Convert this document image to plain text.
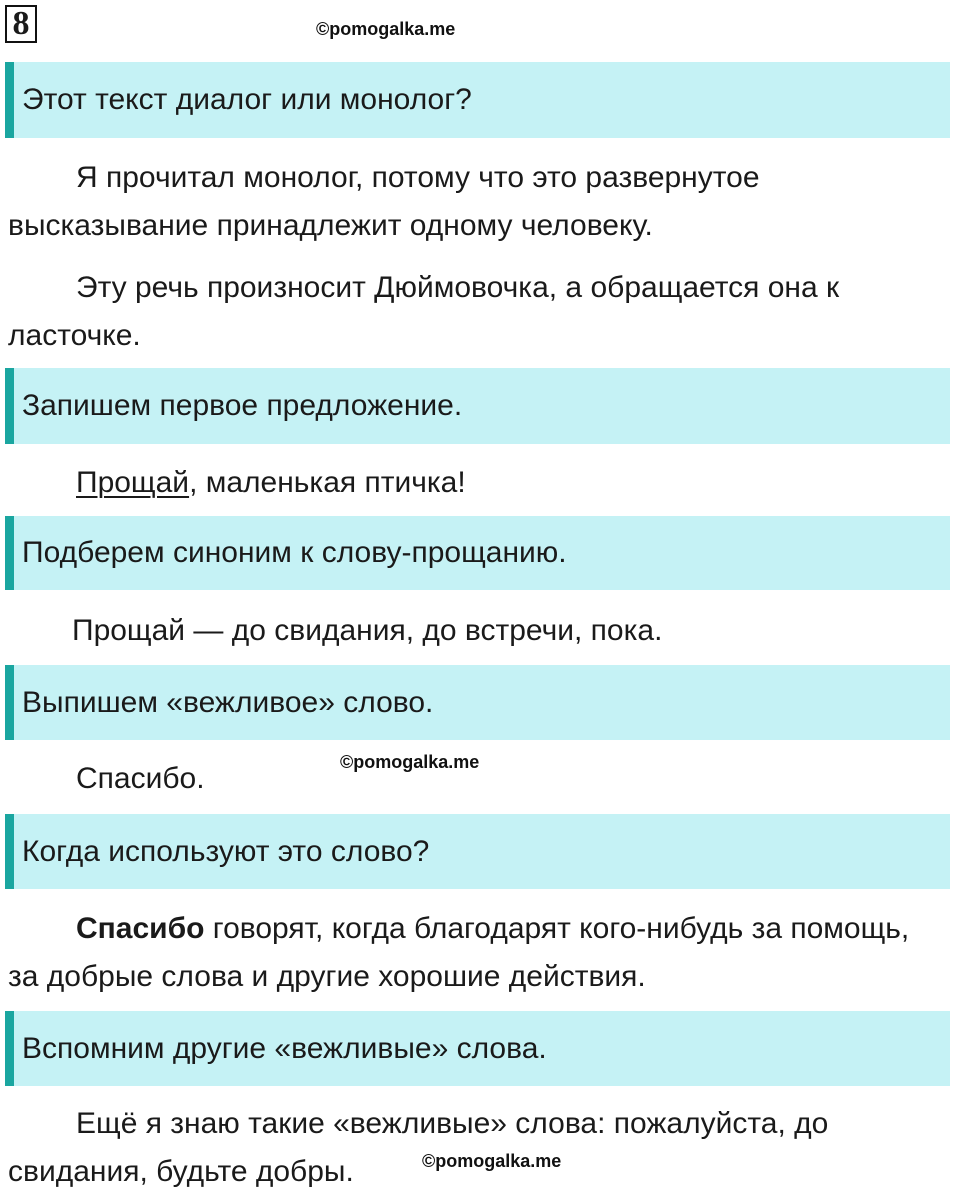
8	©pomogalka.me
Этот текст диалог или монолог?

Я прочитал монолог, потому что это развернутое высказывание принадлежит одному человеку.

Эту речь произносит Дюймовочка, а обращается она к ласточке.

Запишем первое предложение.

Прощай, маленькая птичка!

Подберем синоним к слову-прощанию.

Прощай — до свидания, до встречи, пока.

Выпишем «вежливое» слово.

Спасибо.	©pomogalka.me
Когда используют это слово?

Спасибо говорят, когда благодарят кого-нибудь за помощь, за добрые слова и другие хорошие действия.

Вспомним другие «вежливые» слова.

Ещё я знаю такие «вежливые» слова: пожалуйста, до свидания, будьте добры.	©pomogalka.me
